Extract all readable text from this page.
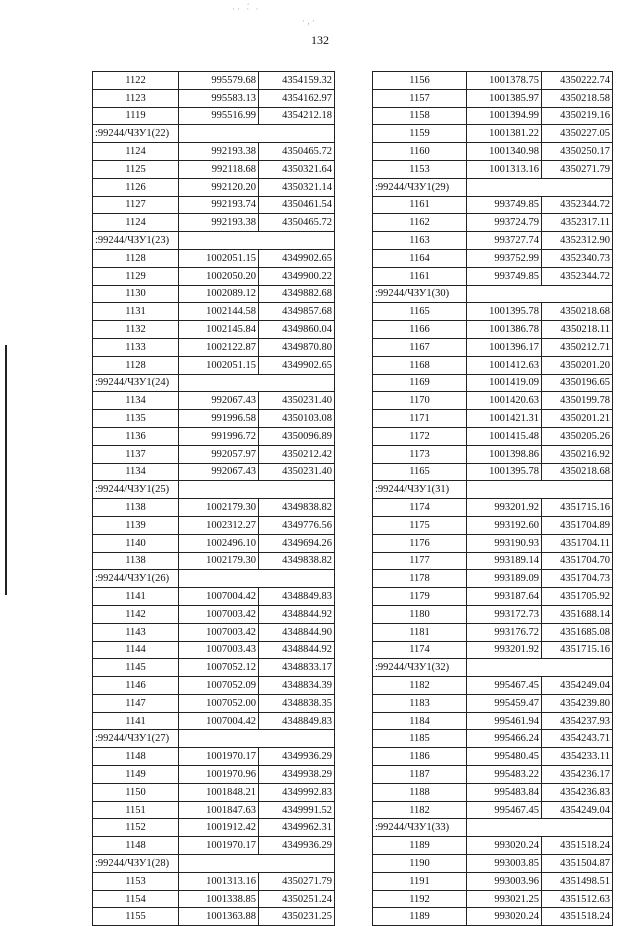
132
·· ·́ ·
·‚·
1122	995579.68	4354159.32
1123	995583.13	4354162.97
1119	995516.99	4354212.18
:99244/ЧЗУ1(22)		
1124	992193.38	4350465.72
1125	992118.68	4350321.64
1126	992120.20	4350321.14
1127	992193.74	4350461.54
1124	992193.38	4350465.72
:99244/ЧЗУ1(23)		
1128	1002051.15	4349902.65
1129	1002050.20	4349900.22
1130	1002089.12	4349882.68
1131	1002144.58	4349857.68
1132	1002145.84	4349860.04
1133	1002122.87	4349870.80
1128	1002051.15	4349902.65
:99244/ЧЗУ1(24)		
1134	992067.43	4350231.40
1135	991996.58	4350103.08
1136	991996.72	4350096.89
1137	992057.97	4350212.42
1134	992067.43	4350231.40
:99244/ЧЗУ1(25)		
1138	1002179.30	4349838.82
1139	1002312.27	4349776.56
1140	1002496.10	4349694.26
1138	1002179.30	4349838.82
:99244/ЧЗУ1(26)		
1141	1007004.42	4348849.83
1142	1007003.42	4348844.92
1143	1007003.42	4348844.90
1144	1007003.43	4348844.92
1145	1007052.12	4348833.17
1146	1007052.09	4348834.39
1147	1007052.00	4348838.35
1141	1007004.42	4348849.83
:99244/ЧЗУ1(27)		
1148	1001970.17	4349936.29
1149	1001970.96	4349938.29
1150	1001848.21	4349992.83
1151	1001847.63	4349991.52
1152	1001912.42	4349962.31
1148	1001970.17	4349936.29
:99244/ЧЗУ1(28)		
1153	1001313.16	4350271.79
1154	1001338.85	4350251.24
1155	1001363.88	4350231.25
1156	1001378.75	4350222.74
1157	1001385.97	4350218.58
1158	1001394.99	4350219.16
1159	1001381.22	4350227.05
1160	1001340.98	4350250.17
1153	1001313.16	4350271.79
:99244/ЧЗУ1(29)		
1161	993749.85	4352344.72
1162	993724.79	4352317.11
1163	993727.74	4352312.90
1164	993752.99	4352340.73
1161	993749.85	4352344.72
:99244/ЧЗУ1(30)		
1165	1001395.78	4350218.68
1166	1001386.78	4350218.11
1167	1001396.17	4350212.71
1168	1001412.63	4350201.20
1169	1001419.09	4350196.65
1170	1001420.63	4350199.78
1171	1001421.31	4350201.21
1172	1001415.48	4350205.26
1173	1001398.86	4350216.92
1165	1001395.78	4350218.68
:99244/ЧЗУ1(31)		
1174	993201.92	4351715.16
1175	993192.60	4351704.89
1176	993190.93	4351704.11
1177	993189.14	4351704.70
1178	993189.09	4351704.73
1179	993187.64	4351705.92
1180	993172.73	4351688.14
1181	993176.72	4351685.08
1174	993201.92	4351715.16
:99244/ЧЗУ1(32)		
1182	995467.45	4354249.04
1183	995459.47	4354239.80
1184	995461.94	4354237.93
1185	995466.24	4354243.71
1186	995480.45	4354233.11
1187	995483.22	4354236.17
1188	995483.84	4354236.83
1182	995467.45	4354249.04
:99244/ЧЗУ1(33)		
1189	993020.24	4351518.24
1190	993003.85	4351504.87
1191	993003.96	4351498.51
1192	993021.25	4351512.63
1189	993020.24	4351518.24
